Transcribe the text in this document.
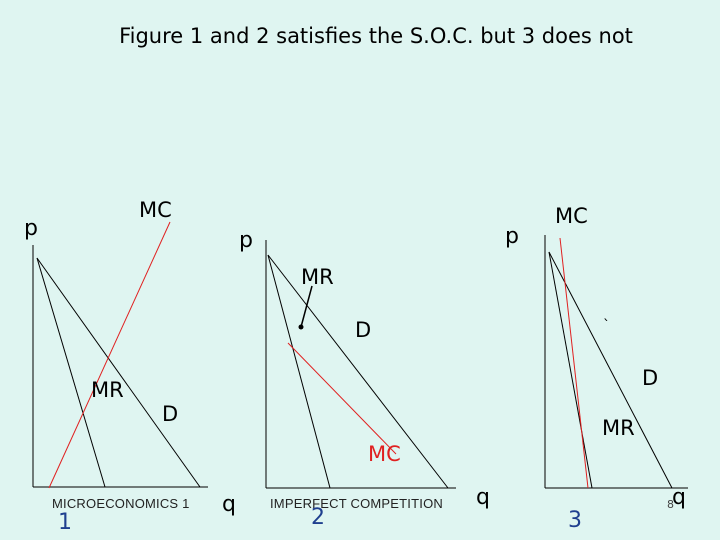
Figure 1 and 2 satisfies the S.O.C. but 3 does not
p
MC
MR
D
q
MICROECONOMICS 1
1
p
MR
D
MC
q
IMPERFECT COMPETITION
2
p
MC
`
D
MR
q
8
3
